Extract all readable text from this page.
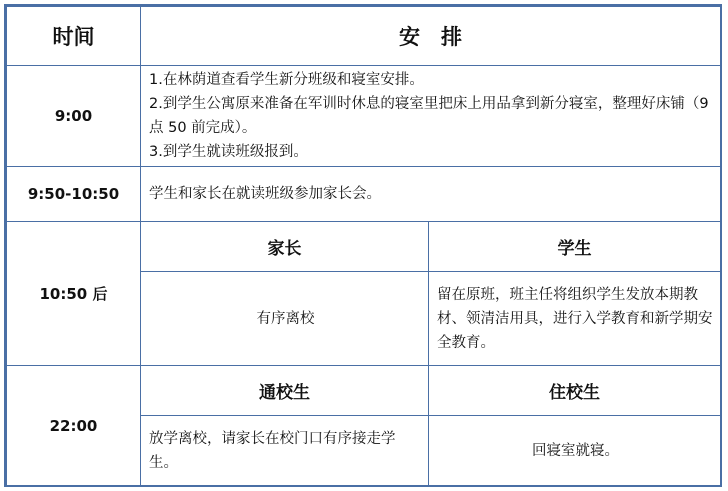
时间	安　排	
9:00	1.在林荫道查看学生新分班级和寝室安排。
2.到学生公寓原来准备在军训时休息的寝室里把床上用品拿到新分寝室，整理好床铺（9 点 50 前完成）。
3.到学生就读班级报到。	

9:50-10:50	学生和家长在就读班级参加家长会。	
10:50 后	家长	学生
	有序离校	留在原班，班主任将组织学生发放本期教材、领清洁用具，进行入学教育和新学期安全教育。
22:00	通校生	住校生
	放学离校，请家长在校门口有序接走学生。	回寝室就寝。
